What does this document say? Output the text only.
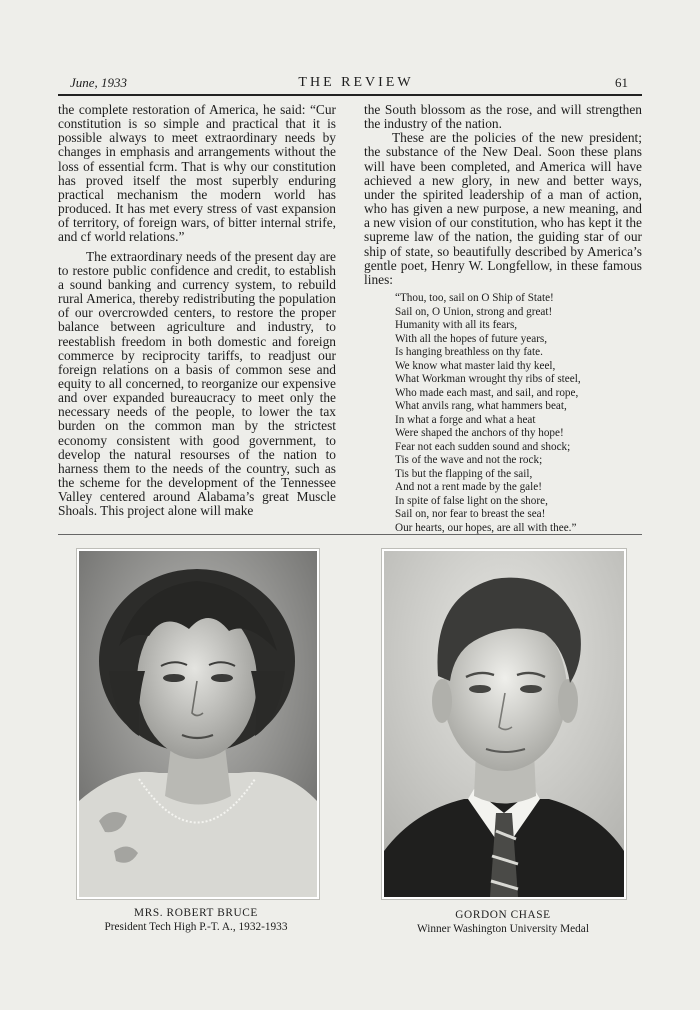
June, 1933	THE REVIEW	61

the complete restoration of America, he said: “Cur constitution is so simple and practical that it is possible always to meet extraordinary needs by changes in emphasis and arrangements without the loss of essential fcrm. That is why our constitution has proved itself the most superbly enduring practical mechanism the modern world has produced. It has met every stress of vast expansion of territory, of foreign wars, of bitter internal strife, and cf world relations.”

The extraordinary needs of the present day are to restore public confidence and credit, to establish a sound banking and currency system, to rebuild rural America, thereby redistributing the population of our overcrowded centers, to restore the proper balance between agriculture and industry, to reestablish freedom in both domestic and foreign commerce by reciprocity tariffs, to readjust our foreign relations on a basis of common sese and equity to all concerned, to reorganize our expensive and over expanded bureaucracy to meet only the necessary needs of the people, to lower the tax burden on the common man by the strictest economy consistent with good government, to develop the natural resourses of the nation to harness them to the needs of the country, such as the scheme for the development of the Tennessee Valley centered around Alabama’s great Muscle Shoals. This project alone will make

the South blossom as the rose, and will strengthen the industry of the nation.

These are the policies of the new president; the substance of the New Deal. Soon these plans will have been completed, and America will have achieved a new glory, in new and better ways, under the spirited leadership of a man of action, who has given a new purpose, a new meaning, and a new vision of our constitution, who has kept it the supreme law of the nation, the guiding star of our ship of state, so beautifully described by America’s gentle poet, Henry W. Longfellow, in these famous lines:

“Thou, too, sail on O Ship of State!
Sail on, O Union, strong and great!
Humanity with all its fears,
With all the hopes of future years,
Is hanging breathless on thy fate.
We know what master laid thy keel,
What Workman wrought thy ribs of steel,
Who made each mast, and sail, and rope,
What anvils rang, what hammers beat,
In what a forge and what a heat
Were shaped the anchors of thy hope!
Fear not each sudden sound and shock;
Tis of the wave and not the rock;
Tis but the flapping of the sail,
And not a rent made by the gale!
In spite of false light on the shore,
Sail on, nor fear to breast the sea!
Our hearts, our hopes, are all with thee.”
MRS. ROBERT BRUCE
President Tech High P.-T. A., 1932-1933
GORDON CHASE
Winner Washington University Medal
